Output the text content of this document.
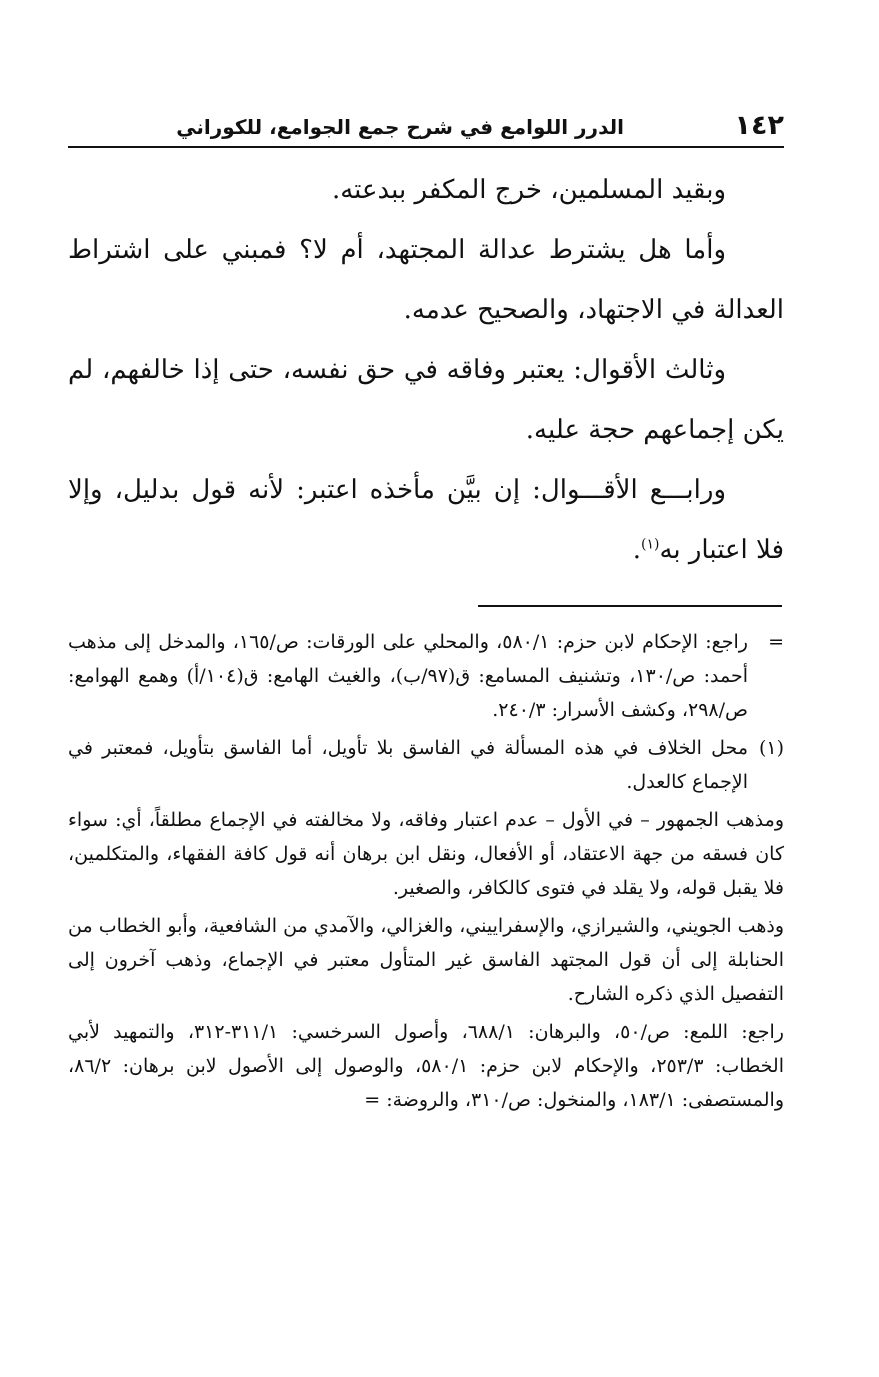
١٤٢
الدرر اللوامع في شرح جمع الجوامع، للكوراني

وبقيد المسلمين، خرج المكفر ببدعته.

وأما هل يشترط عدالة المجتهد، أم لا؟ فمبني على اشتراط العدالة في الاجتهاد، والصحيح عدمه.

وثالث الأقوال: يعتبر وفاقه في حق نفسه، حتى إذا خالفهم، لم يكن إجماعهم حجة عليه.

ورابـــع الأقـــوال: إن بيَّن مأخذه اعتبر: لأنه قول بدليل، وإلا فلا اعتبار به$^{(١)}$.

=
راجع: الإحكام لابن حزم: ٥٨٠/١، والمحلي على الورقات: ص/١٦٥، والمدخل إلى مذهب أحمد: ص/١٣٠، وتشنيف المسامع: ق(٩٧/ب)، والغيث الهامع: ق(١٠٤/أ) وهمع الهوامع: ص/٢٩٨، وكشف الأسرار: ٢٤٠/٣.

(١)
محل الخلاف في هذه المسألة في الفاسق بلا تأويل، أما الفاسق بتأويل، فمعتبر في الإجماع كالعدل.

ومذهب الجمهور – في الأول – عدم اعتبار وفاقه، ولا مخالفته في الإجماع مطلقاً، أي: سواء كان فسقه من جهة الاعتقاد، أو الأفعال، ونقل ابن برهان أنه قول كافة الفقهاء، والمتكلمين، فلا يقبل قوله، ولا يقلد في فتوى كالكافر، والصغير.

وذهب الجويني، والشيرازي، والإسفراييني، والغزالي، والآمدي من الشافعية، وأبو الخطاب من الحنابلة إلى أن قول المجتهد الفاسق غير المتأول معتبر في الإجماع، وذهب آخرون إلى التفصيل الذي ذكره الشارح.

راجع: اللمع: ص/٥٠، والبرهان: ٦٨٨/١، وأصول السرخسي: ٣١١/١-٣١٢، والتمهيد لأبي الخطاب: ٢٥٣/٣، والإحكام لابن حزم: ٥٨٠/١، والوصول إلى الأصول لابن برهان: ٨٦/٢، والمستصفى: ١٨٣/١، والمنخول: ص/٣١٠، والروضة: =
